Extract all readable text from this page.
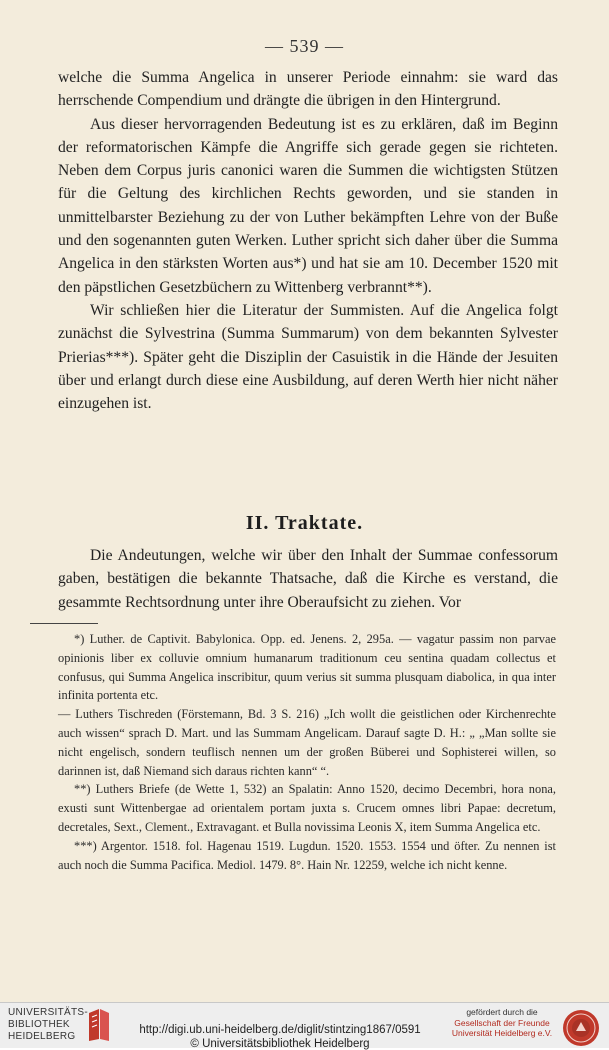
— 539 —

welche die Summa Angelica in unserer Periode einnahm: sie ward das herrschende Compendium und drängte die übrigen in den Hintergrund.

Aus dieser hervorragenden Bedeutung ist es zu erklären, daß im Beginn der reformatorischen Kämpfe die Angriffe sich gerade gegen sie richteten. Neben dem Corpus juris canonici waren die Summen die wichtigsten Stützen für die Geltung des kirchlichen Rechts geworden, und sie standen in unmittelbarster Beziehung zu der von Luther bekämpften Lehre von der Buße und den sogenannten guten Werken. Luther spricht sich daher über die Summa Angelica in den stärksten Worten aus*) und hat sie am 10. December 1520 mit den päpstlichen Gesetzbüchern zu Wittenberg verbrannt**).

Wir schließen hier die Literatur der Summisten. Auf die Angelica folgt zunächst die Sylvestrina (Summa Summarum) von dem bekannten Sylvester Prierias***). Später geht die Disziplin der Casuistik in die Hände der Jesuiten über und erlangt durch diese eine Ausbildung, auf deren Werth hier nicht näher einzugehen ist.

II. Traktate.

Die Andeutungen, welche wir über den Inhalt der Summae confessorum gaben, bestätigen die bekannte Thatsache, daß die Kirche es verstand, die gesammte Rechtsordnung unter ihre Oberaufsicht zu ziehen. Vor

*) Luther. de Captivit. Babylonica. Opp. ed. Jenens. 2, 295a. — vagatur passim non parvae opinionis liber ex colluvie omnium humanarum traditionum ceu sentina quadam collectus et confusus, qui Summa Angelica inscribitur, quum verius sit summa plusquam diabolica, in qua inter infinita portenta etc.

— Luthers Tischreden (Förstemann, Bd. 3 S. 216) „Ich wollt die geistlichen oder Kirchenrechte auch wissen“ sprach D. Mart. und las Summam Angelicam. Darauf sagte D. H.: „ „Man sollte sie nicht engelisch, sondern teuflisch nennen um der großen Büberei und Sophisterei willen, so darinnen ist, daß Niemand sich daraus richten kann“ “.

**) Luthers Briefe (de Wette 1, 532) an Spalatin: Anno 1520, decimo Decembri, hora nona, exusti sunt Wittenbergae ad orientalem portam juxta s. Crucem omnes libri Papae: decretum, decretales, Sext., Clement., Extravagant. et Bulla novissima Leonis X, item Summa Angelica etc.

***) Argentor. 1518. fol. Hagenau 1519. Lugdun. 1520. 1553. 1554 und öfter. Zu nennen ist auch noch die Summa Pacifica. Mediol. 1479. 8°. Hain Nr. 12259, welche ich nicht kenne.

UNIVERSITÄTS-
BIBLIOTHEK
HEIDELBERG
http://digi.ub.uni-heidelberg.de/diglit/stintzing1867/0591
© Universitätsbibliothek Heidelberg
gefördert durch die
Gesellschaft der Freunde
Universität Heidelberg e.V.
